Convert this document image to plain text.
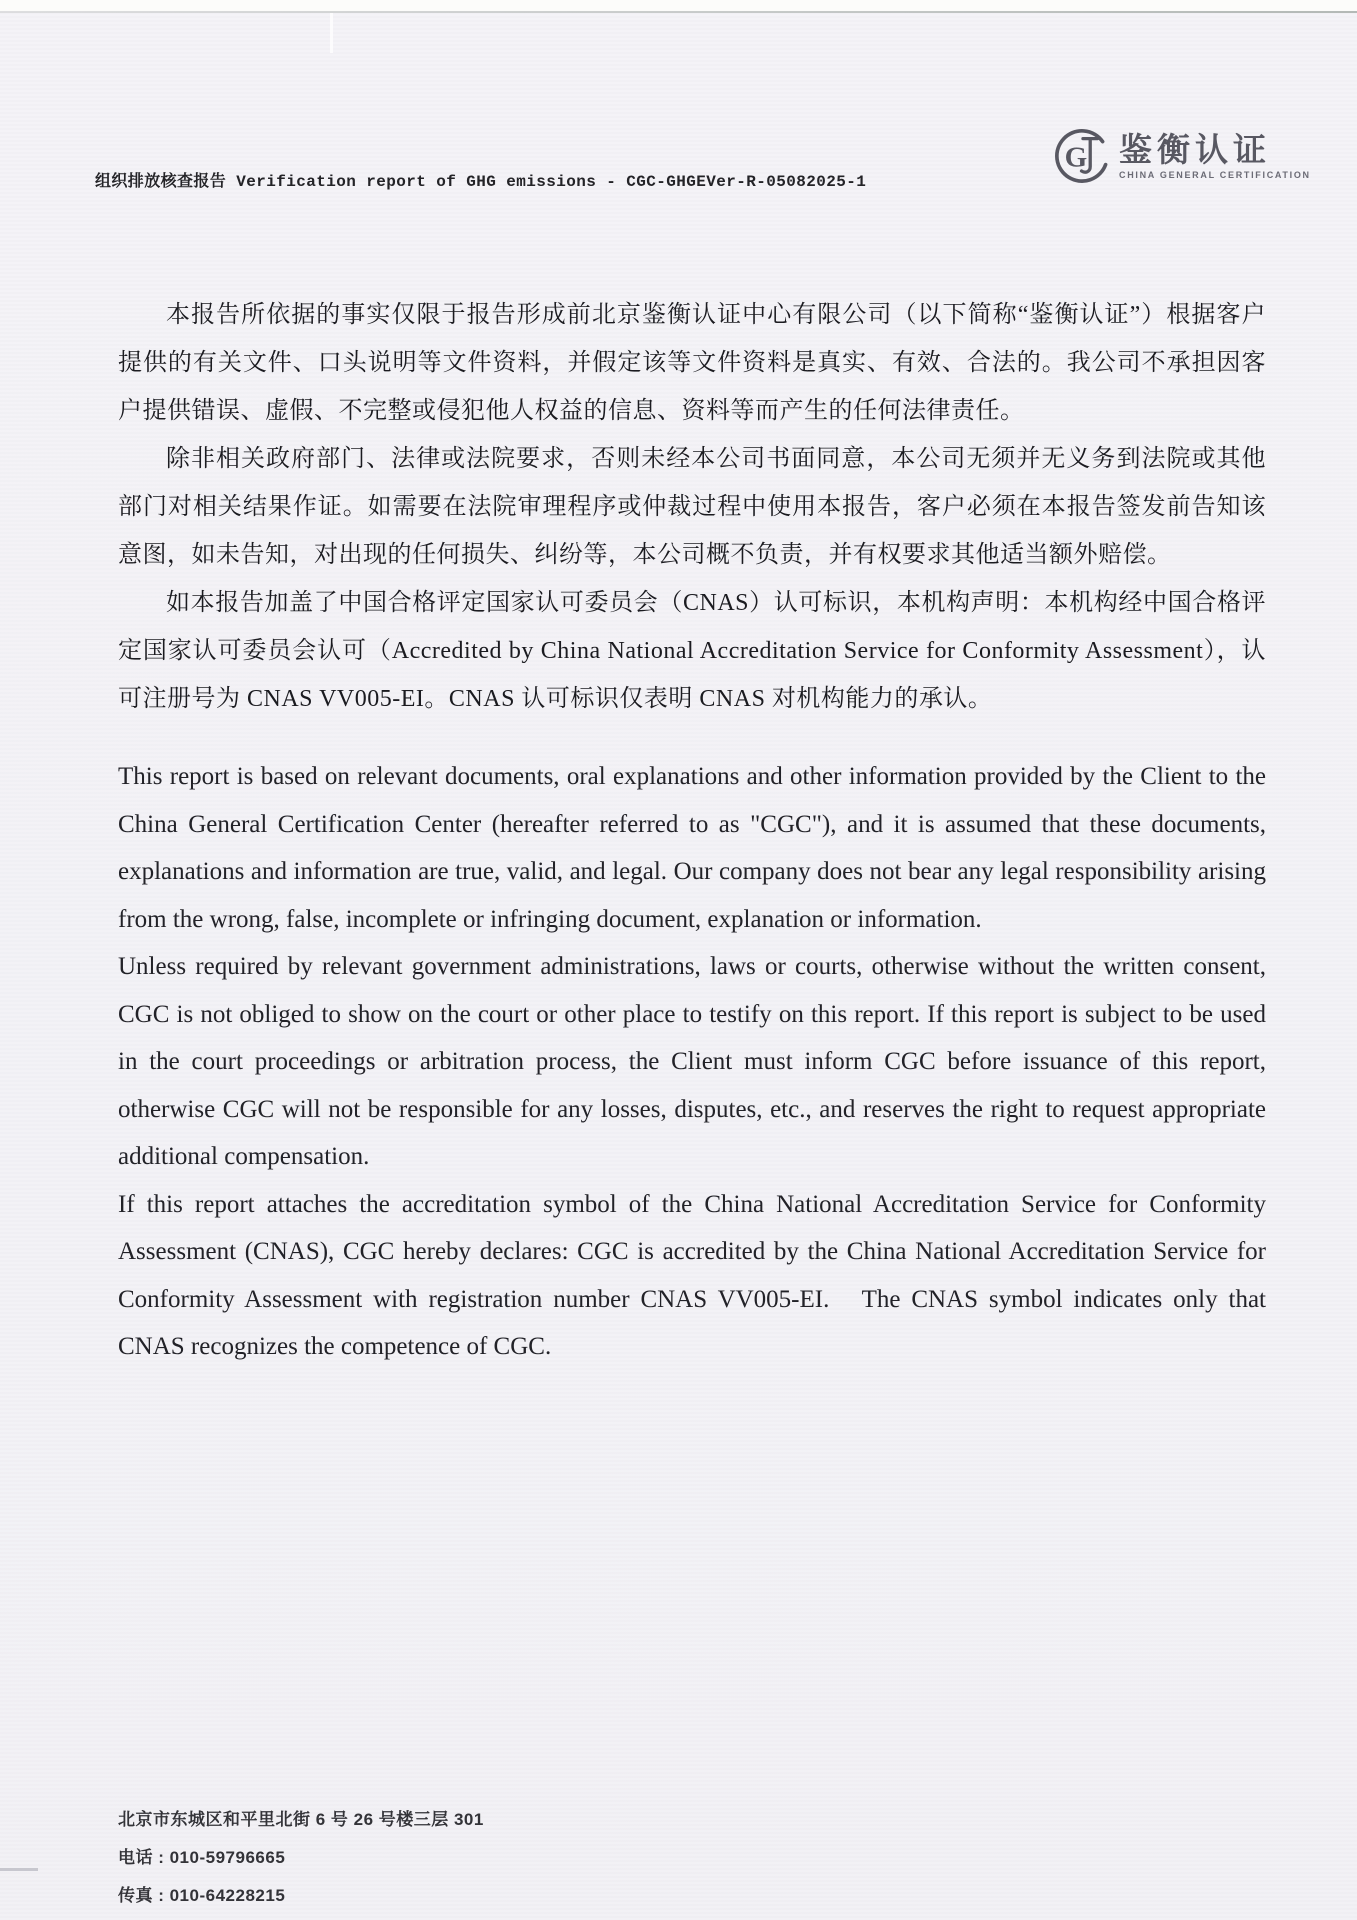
组织排放核查报告 Verification report of GHG emissions - CGC-GHGEVer-R-05082025-1
G 鉴衡认证
CHINA GENERAL CERTIFICATION

本报告所依据的事实仅限于报告形成前北京鉴衡认证中心有限公司（以下简称“鉴衡认证”）根据客户提供的有关文件、口头说明等文件资料，并假定该等文件资料是真实、有效、合法的。我公司不承担因客户提供错误、虚假、不完整或侵犯他人权益的信息、资料等而产生的任何法律责任。

除非相关政府部门、法律或法院要求，否则未经本公司书面同意，本公司无须并无义务到法院或其他部门对相关结果作证。如需要在法院审理程序或仲裁过程中使用本报告，客户必须在本报告签发前告知该意图，如未告知，对出现的任何损失、纠纷等，本公司概不负责，并有权要求其他适当额外赔偿。

如本报告加盖了中国合格评定国家认可委员会（CNAS）认可标识，本机构声明：本机构经中国合格评定国家认可委员会认可（Accredited by China National Accreditation Service for Conformity Assessment），认可注册号为 CNAS VV005-EI。CNAS 认可标识仅表明 CNAS 对机构能力的承认。

This report is based on relevant documents, oral explanations and other information provided by the Client to the China General Certification Center (hereafter referred to as "CGC"), and it is assumed that these documents, explanations and information are true, valid, and legal. Our company does not bear any legal responsibility arising from the wrong, false, incomplete or infringing document, explanation or information.

Unless required by relevant government administrations, laws or courts, otherwise without the written consent, CGC is not obliged to show on the court or other place to testify on this report. If this report is subject to be used in the court proceedings or arbitration process, the Client must inform CGC before issuance of this report, otherwise CGC will not be responsible for any losses, disputes, etc., and reserves the right to request appropriate additional compensation.

If this report attaches the accreditation symbol of the China National Accreditation Service for Conformity Assessment (CNAS), CGC hereby declares: CGC is accredited by the China National Accreditation Service for Conformity Assessment with registration number CNAS VV005-EI.   The CNAS symbol indicates only that CNAS recognizes the competence of CGC.

北京市东城区和平里北街 6 号 26 号楼三层 301
电话 : 010-59796665
传真 : 010-64228215
